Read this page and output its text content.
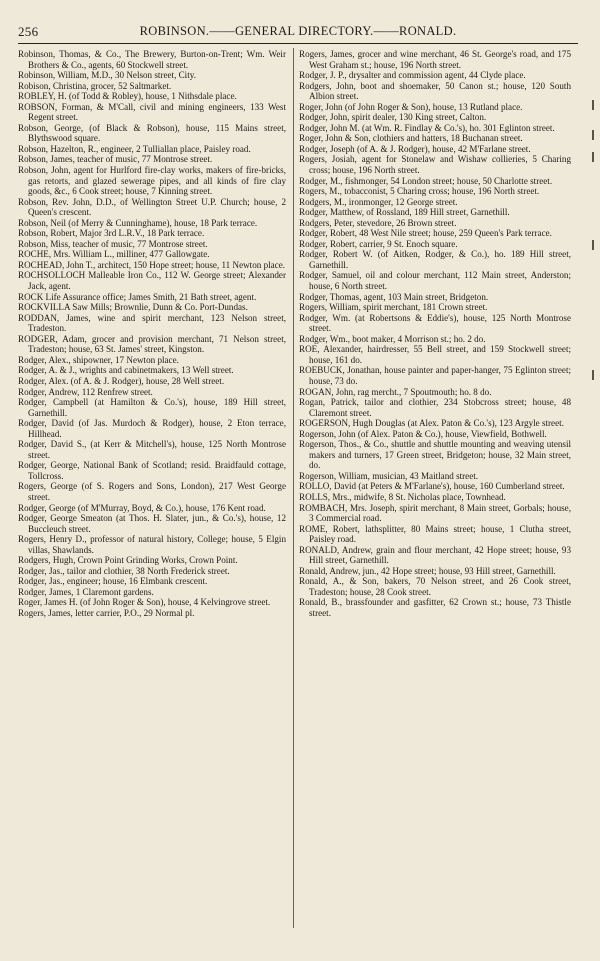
256	ROBINSON.——GENERAL DIRECTORY.——RONALD.

Robinson, Thomas, & Co., The Brewery, Burton-on-Trent; Wm. Weir Brothers & Co., agents, 60 Stockwell street.

Robinson, William, M.D., 30 Nelson street, City.

Robison, Christina, grocer, 52 Saltmarket.

ROBLEY, H. (of Todd & Robley), house, 1 Nithsdale place.

ROBSON, Forman, & M'Call, civil and mining engineers, 133 West Regent street.

Robson, George, (of Black & Robson), house, 115 Mains street, Blythswood square.

Robson, Hazelton, R., engineer, 2 Tulliallan place, Paisley road.

Robson, James, teacher of music, 77 Montrose street.

Robson, John, agent for Hurlford fire-clay works, makers of fire-bricks, gas retorts, and glazed sewerage pipes, and all kinds of fire clay goods, &c., 6 Cook street; house, 7 Kinning street.

Robson, Rev. John, D.D., of Wellington Street U.P. Church; house, 2 Queen's crescent.

Robson, Neil (of Merry & Cunninghame), house, 18 Park terrace.

Robson, Robert, Major 3rd L.R.V., 18 Park terrace.

Robson, Miss, teacher of music, 77 Montrose street.

ROCHE, Mrs. William L., milliner, 477 Gallowgate.

ROCHEAD, John T., architect, 150 Hope street; house, 11 Newton place.

ROCHSOLLOCH Malleable Iron Co., 112 W. George street; Alexander Jack, agent.

ROCK Life Assurance office; James Smith, 21 Bath street, agent.

ROCKVILLA Saw Mills; Brownlie, Dunn & Co. Port-Dundas.

RODDAN, James, wine and spirit merchant, 123 Nelson street, Tradeston.

RODGER, Adam, grocer and provision merchant, 71 Nelson street, Tradeston; house, 63 St. James' street, Kingston.

Rodger, Alex., shipowner, 17 Newton place.

Rodger, A. & J., wrights and cabinetmakers, 13 Well street.

Rodger, Alex. (of A. & J. Rodger), house, 28 Well street.

Rodger, Andrew, 112 Renfrew street.

Rodger, Campbell (at Hamilton & Co.'s), house, 189 Hill street, Garnethill.

Rodger, David (of Jas. Murdoch & Rodger), house, 2 Eton terrace, Hillhead.

Rodger, David S., (at Kerr & Mitchell's), house, 125 North Montrose street.

Rodger, George, National Bank of Scotland; resid. Braidfauld cottage, Tollcross.

Rogers, George (of S. Rogers and Sons, London), 217 West George street.

Rodger, George (of M'Murray, Boyd, & Co.), house, 176 Kent road.

Rodger, George Smeaton (at Thos. H. Slater, jun., & Co.'s), house, 12 Buccleuch street.

Rogers, Henry D., professor of natural history, College; house, 5 Elgin villas, Shawlands.

Rodgers, Hugh, Crown Point Grinding Works, Crown Point.

Rodger, Jas., tailor and clothier, 38 North Frederick street.

Rodger, Jas., engineer; house, 16 Elmbank crescent.

Rodger, James, 1 Claremont gardens.

Roger, James H. (of John Roger & Son), house, 4 Kelvingrove street.

Rogers, James, letter carrier, P.O., 29 Normal pl.

Rogers, James, grocer and wine merchant, 46 St. George's road, and 175 West Graham st.; house, 196 North street.

Rodger, J. P., drysalter and commission agent, 44 Clyde place.

Rodgers, John, boot and shoemaker, 50 Canon st.; house, 120 South Albion street.

Roger, John (of John Roger & Son), house, 13 Rutland place.

Rodger, John, spirit dealer, 130 King street, Calton.

Rodger, John M. (at Wm. R. Findlay & Co.'s), ho. 301 Eglinton street.

Roger, John & Son, clothiers and hatters, 18 Buchanan street.

Rodger, Joseph (of A. & J. Rodger), house, 42 M'Farlane street.

Rogers, Josiah, agent for Stonelaw and Wishaw collieries, 5 Charing cross; house, 196 North street.

Rodger, M., fishmonger, 54 London street; house, 50 Charlotte street.

Rogers, M., tobacconist, 5 Charing cross; house, 196 North street.

Rodgers, M., ironmonger, 12 George street.

Rodger, Matthew, of Rossland, 189 Hill street, Garnethill.

Rodgers, Peter, stevedore, 26 Brown street.

Rodger, Robert, 48 West Nile street; house, 259 Queen's Park terrace.

Rodger, Robert, carrier, 9 St. Enoch square.

Rodger, Robert W. (of Aitken, Rodger, & Co.), ho. 189 Hill street, Garnethill.

Rodger, Samuel, oil and colour merchant, 112 Main street, Anderston; house, 6 North street.

Rodger, Thomas, agent, 103 Main street, Bridgeton.

Rogers, William, spirit merchant, 181 Crown street.

Rodger, Wm. (at Robertsons & Eddie's), house, 125 North Montrose street.

Rodger, Wm., boot maker, 4 Morrison st.; ho. 2 do.

ROE, Alexander, hairdresser, 55 Bell street, and 159 Stockwell street; house, 161 do.

ROEBUCK, Jonathan, house painter and paper-hanger, 75 Eglinton street; house, 73 do.

ROGAN, John, rag mercht., 7 Spoutmouth; ho. 8 do.

Rogan, Patrick, tailor and clothier, 234 Stobcross street; house, 48 Claremont street.

ROGERSON, Hugh Douglas (at Alex. Paton & Co.'s), 123 Argyle street.

Rogerson, John (of Alex. Paton & Co.), house, Viewfield, Bothwell.

Rogerson, Thos., & Co., shuttle and shuttle mounting and weaving utensil makers and turners, 17 Green street, Bridgeton; house, 32 Main street, do.

Rogerson, William, musician, 43 Maitland street.

ROLLO, David (at Peters & M'Farlane's), house, 160 Cumberland street.

ROLLS, Mrs., midwife, 8 St. Nicholas place, Townhead.

ROMBACH, Mrs. Joseph, spirit merchant, 8 Main street, Gorbals; house, 3 Commercial road.

ROME, Robert, lathsplitter, 80 Mains street; house, 1 Clutha street, Paisley road.

RONALD, Andrew, grain and flour merchant, 42 Hope street; house, 93 Hill street, Garnethill.

Ronald, Andrew, jun., 42 Hope street; house, 93 Hill street, Garnethill.

Ronald, A., & Son, bakers, 70 Nelson street, and 26 Cook street, Tradeston; house, 28 Cook street.

Ronald, B., brassfounder and gasfitter, 62 Crown st.; house, 73 Thistle street.
